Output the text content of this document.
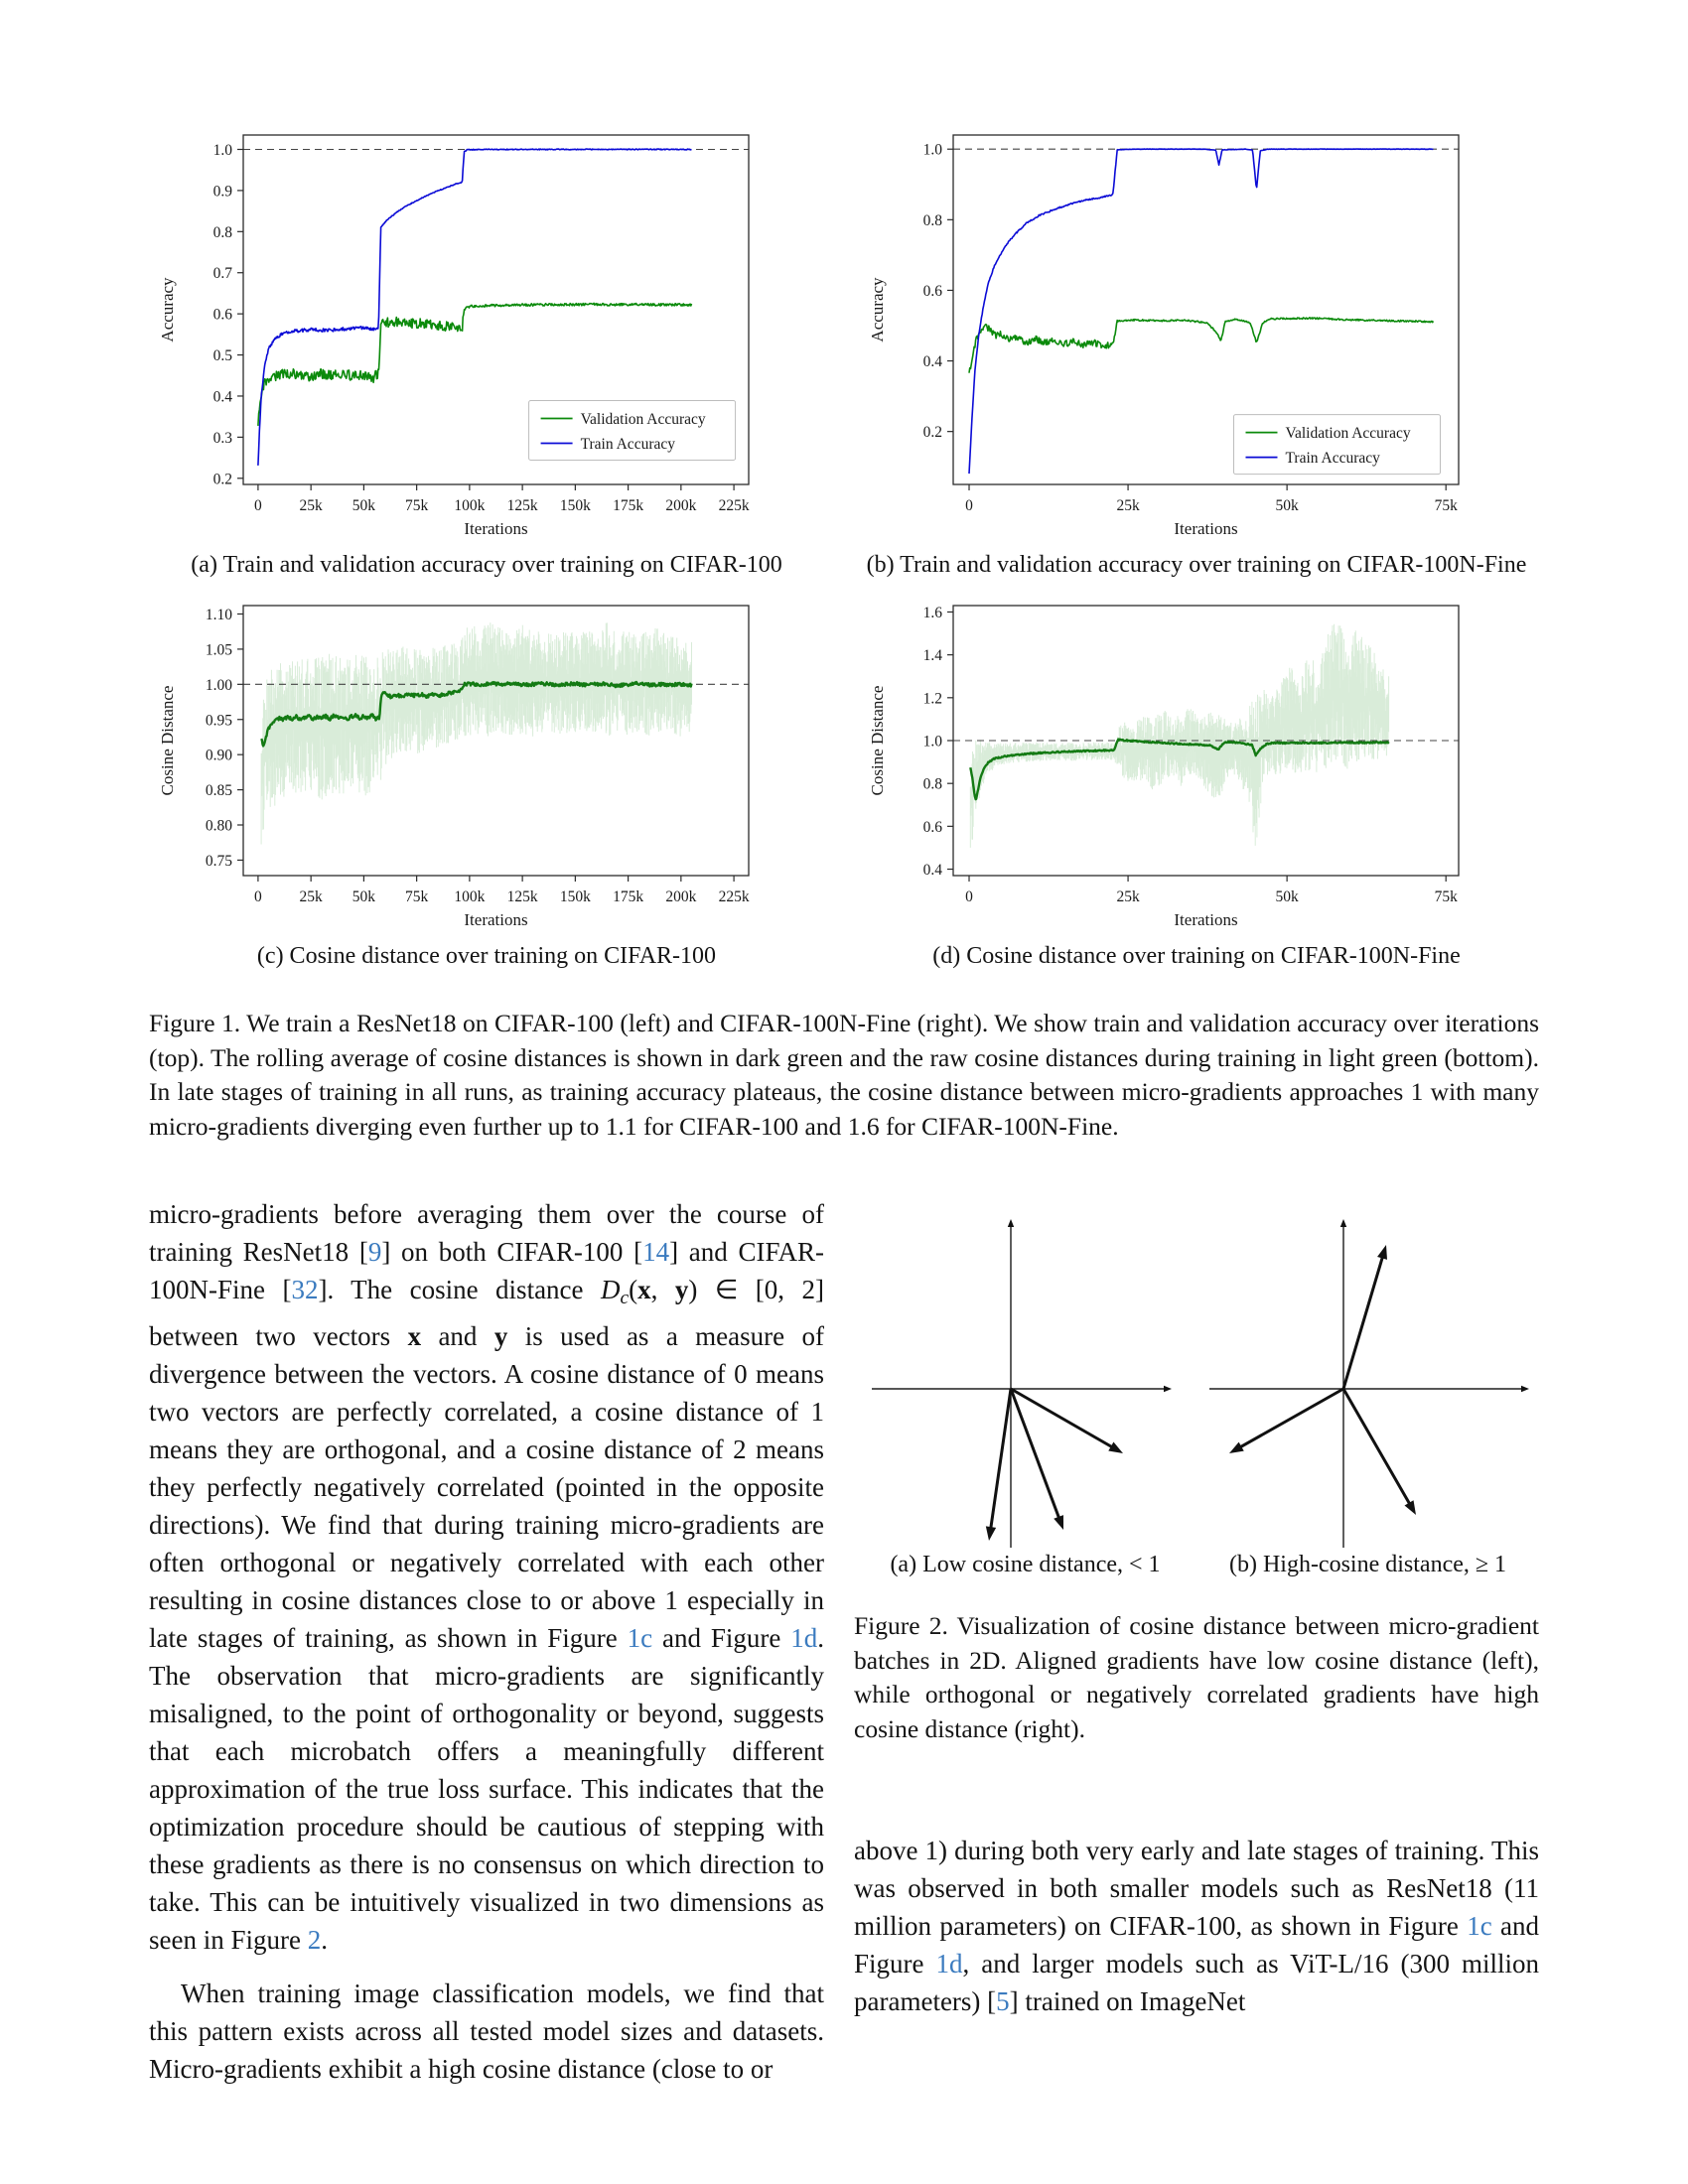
0 25k 50k 75k 100k 125k 150k 175k 200k 225k
0.2
0.3
0.4
0.5
0.6
0.7
0.8
0.9
1.0
Iterations
Accuracy
Validation Accuracy
Train Accuracy
(a) Train and validation accuracy over training on CIFAR-100
0	25k	50k	75k
0.2
0.4
0.6
0.8
1.0
Iterations
Accuracy
Validation Accuracy
Train Accuracy
(b) Train and validation accuracy over training on CIFAR-100N-Fine
0 25k 50k 75k 100k 125k 150k 175k 200k 225k
0.75
0.80
0.85
0.90
0.95
1.00
1.05
1.10
Iterations
Cosine Distance
(c) Cosine distance over training on CIFAR-100
0	25k	50k	75k
0.4
0.6
0.8
1.0
1.2
1.4
1.6
Iterations
Cosine Distance
(d) Cosine distance over training on CIFAR-100N-Fine
Figure 1. We train a ResNet18 on CIFAR-100 (left) and CIFAR-100N-Fine (right). We show train and validation accuracy over iterations (top). The rolling average of cosine distances is shown in dark green and the raw cosine distances during training in light green (bottom). In late stages of training in all runs, as training accuracy plateaus, the cosine distance between micro-gradients approaches 1 with many micro-gradients diverging even further up to 1.1 for CIFAR-100 and 1.6 for CIFAR-100N-Fine.

micro-gradients before averaging them over the course of training ResNet18 [9] on both CIFAR-100 [14] and CIFAR-100N-Fine [32]. The cosine distance Dc(x, y) ∈ [0, 2] between two vectors x and y is used as a measure of divergence between the vectors. A cosine distance of 0 means two vectors are perfectly correlated, a cosine distance of 1 means they are orthogonal, and a cosine distance of 2 means they perfectly negatively correlated (pointed in the opposite directions). We find that during training micro-gradients are often orthogonal or negatively correlated with each other resulting in cosine distances close to or above 1 especially in late stages of training, as shown in Figure 1c and Figure 1d. The observation that micro-gradients are significantly misaligned, to the point of orthogonality or beyond, suggests that each microbatch offers a meaningfully different approximation of the true loss surface. This indicates that the optimization procedure should be cautious of stepping with these gradients as there is no consensus on which direction to take. This can be intuitively visualized in two dimensions as seen in Figure 2.

When training image classification models, we find that this pattern exists across all tested model sizes and datasets. Micro-gradients exhibit a high cosine distance (close to or

(a) Low cosine distance, < 1	(b) High-cosine distance, ≥ 1
Figure 2. Visualization of cosine distance between micro-gradient batches in 2D. Aligned gradients have low cosine distance (left), while orthogonal or negatively correlated gradients have high cosine distance (right).

above 1) during both very early and late stages of training. This was observed in both smaller models such as ResNet18 (11 million parameters) on CIFAR-100, as shown in Figure 1c and Figure 1d, and larger models such as ViT-L/16 (300 million parameters) [5] trained on ImageNet
